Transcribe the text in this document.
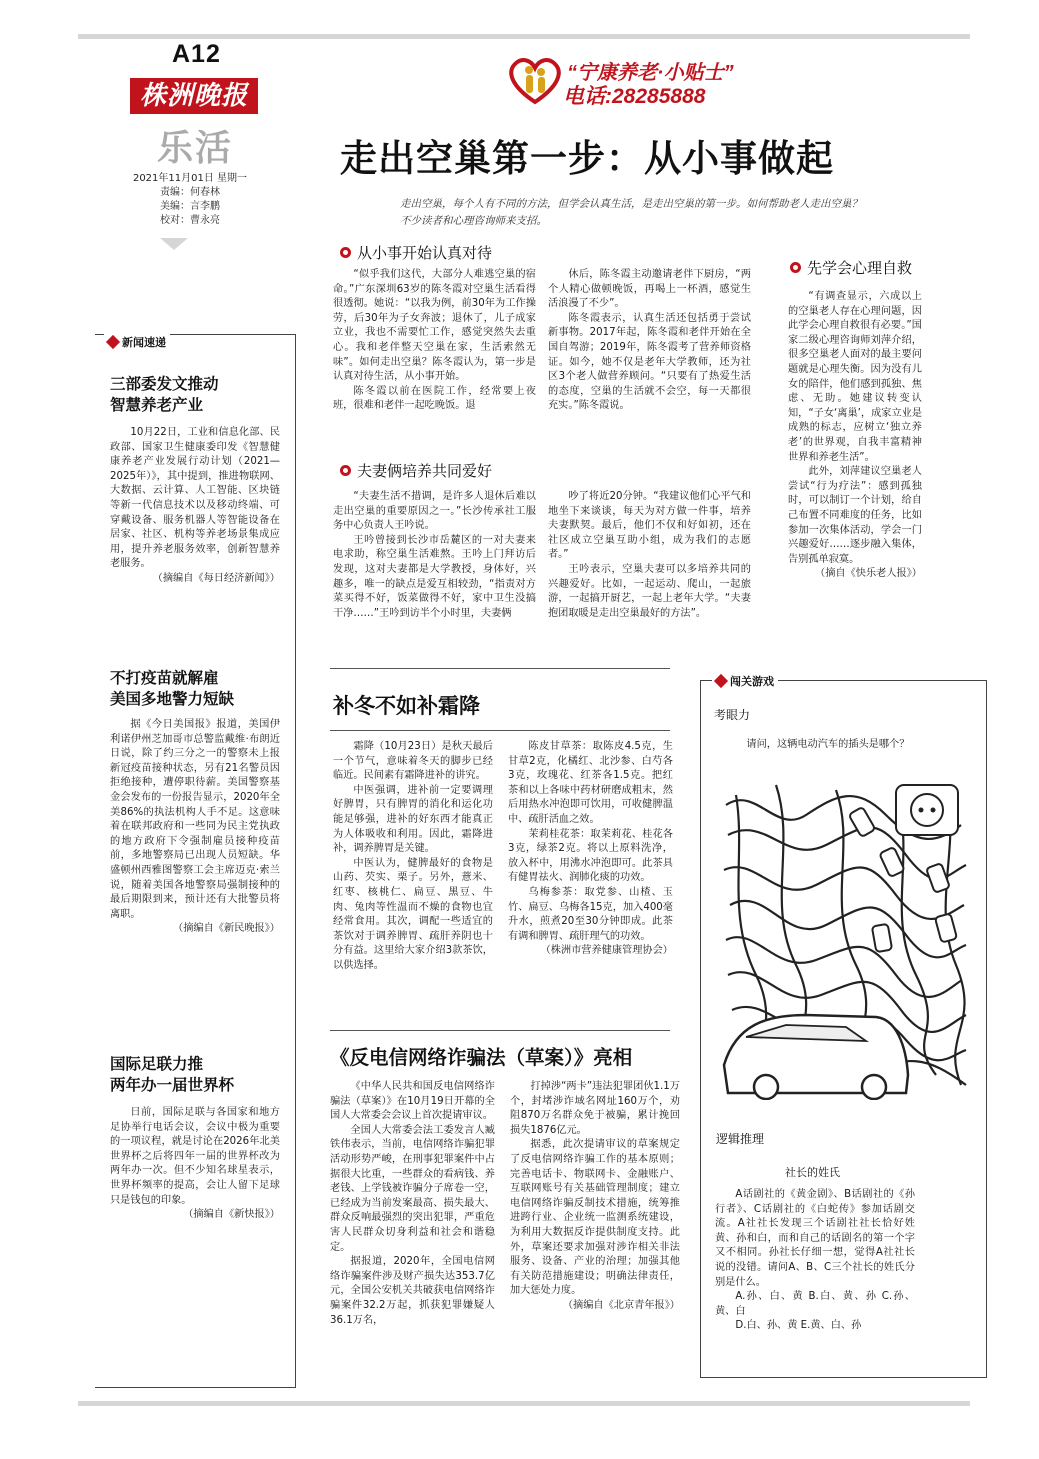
A12
株洲晚报
乐活
2021年11月01日 星期一
责编：何春林
美编：言李鹏
校对：曹永亮
“宁康养老·小贴士”
电话:28285888
走出空巢第一步：从小事做起
走出空巢，每个人有不同的方法，但学会认真生活，是走出空巢的第一步。如何帮助老人走出空巢？不少读者和心理咨询师来支招。
从小事开始认真对待

“似乎我们这代，大部分人难逃空巢的宿命。”广东深圳63岁的陈冬霞对空巢生活看得很透彻。她说：“以我为例，前30年为工作操劳，后30年为子女奔波；退休了，儿子成家立业，我也不需要忙工作，感觉突然失去重心。我和老伴整天空巢在家，生活索然无味”。如何走出空巢？陈冬霞认为，第一步是认真对待生活，从小事开始。

陈冬霞以前在医院工作，经常要上夜班，很难和老伴一起吃晚饭。退

休后，陈冬霞主动邀请老伴下厨房，“两个人精心做顿晚饭，再喝上一杯酒，感觉生活浪漫了不少”。

陈冬霞表示，认真生活还包括勇于尝试新事物。2017年起，陈冬霞和老伴开始在全国自驾游；2019年，陈冬霞考了营养师资格证。如今，她不仅是老年大学教师，还为社区3个老人做营养顾问。“只要有了热爱生活的态度，空巢的生活就不会空，每一天都很充实。”陈冬霞说。

夫妻俩培养共同爱好

“夫妻生活不措调，是许多人退休后难以走出空巢的重要原因之一。”长沙传承社工服务中心负责人王吟说。

王吟曾接到长沙市岳麓区的一对夫妻来电求助，称空巢生活难熬。王吟上门拜访后发现，这对夫妻都是大学教授，身体好，兴趣多，唯一的缺点是爱互相较劲，“指责对方菜买得不好，饭菜做得不好，家中卫生没搞干净……”王吟到访半个小时里，夫妻俩

吵了将近20分钟。“我建议他们心平气和地坐下来谈谈，每天为对方做一件事，培养夫妻默契。最后，他们不仅和好如初，还在社区成立空巢互助小组，成为我们的志愿者。”

王吟表示，空巢夫妻可以多培养共同的兴趣爱好。比如，一起运动、爬山，一起旅游，一起搞开厨艺，一起上老年大学。“夫妻抱团取暖是走出空巢最好的方法”。

先学会心理自救

“有调查显示，六成以上的空巢老人存在心理问题，因此学会心理自救很有必要。”国家二级心理咨询师刘萍介绍，很多空巢老人面对的最主要问题就是心理失衡。因为没有儿女的陪伴，他们感到孤独、焦虑、无助。她建议转变认知，“子女‘离巢’，成家立业是成熟的标志，应树立‘独立养老’的世界观，自我丰富精神世界和养老生活”。

此外，刘萍建议空巢老人尝试“行为疗法”：感到孤独时，可以制订一个计划，给自己布置不同难度的任务，比如参加一次集体活动，学会一门兴趣爱好……逐步融入集体，告别孤单寂寞。

（摘自《快乐老人报》）

新闻速递
三部委发文推动
智慧养老产业

10月22日，工业和信息化部、民政部、国家卫生健康委印发《智慧健康养老产业发展行动计划（2021—2025年）》，其中提到，推进物联网、大数据、云计算、人工智能、区块链等新一代信息技术以及移动终端、可穿戴设备、服务机器人等智能设备在居家、社区、机构等养老场景集成应用，提升养老服务效率，创新智慧养老服务。

（摘编自《每日经济新闻》）

不打疫苗就解雇
美国多地警力短缺

据《今日美国报》报道，美国伊利诺伊州芝加哥市总警监戴维·布朗近日说，除了约三分之一的警察未上报新冠疫苗接种状态，另有21名警员因拒绝接种，遭停职待薪。美国警察基金会发布的一份报告显示，2020年全美86%的执法机构人手不足。这意味着在联邦政府和一些同为民主党执政的地方政府下令强制雇员接种疫苗前，多地警察局已出现人员短缺。华盛顿州西雅图警察工会主席迈克·索兰说，随着美国各地警察局强制接种的最后期限到来，预计还有大批警员将离职。

（摘编自《新民晚报》）

国际足联力推
两年办一届世界杯

日前，国际足联与各国家和地方足协举行电话会议，会议中极为重要的一项议程，就是讨论在2026年北美世界杯之后将四年一届的世界杯改为两年办一次。但不少知名球星表示，世界杯频率的提高，会让人留下足球只是钱包的印象。

（摘编自《新快报》）

补冬不如补霜降

霜降（10月23日）是秋天最后一个节气，意味着冬天的脚步已经临近。民间素有霜降进补的讲究。

中医强调，进补前一定要调理好脾胃，只有脾胃的消化和运化功能足够强，进补的好东西才能真正为人体吸收和利用。因此，霜降进补，调养脾胃是关键。

中医认为，健脾最好的食物是山药、芡实、栗子。另外，薏米、红枣、核桃仁、扁豆、黑豆、牛肉、兔肉等性温而不燥的食物也宜经常食用。其次，调配一些适宜的茶饮对于调养脾胃、疏肝养阴也十分有益。这里给大家介绍3款茶饮，以供选择。

陈皮甘草茶：取陈皮4.5克，生甘草2克，化橘红、北沙参、白芍各3克，玫瑰花、红茶各1.5克。把红茶和以上各味中药材研磨成粗末，然后用热水冲泡即可饮用，可收健脾温中、疏肝活血之效。

茉莉桂花茶：取茉莉花、桂花各3克，绿茶2克。将以上原料洗净，放入杯中，用沸水冲泡即可。此茶具有健胃祛火、润肺化痰的功效。

乌梅参茶：取党参、山楂、玉竹、扁豆、乌梅各15克，加入400毫升水，煎煮20至30分钟即成。此茶有调和脾胃、疏肝理气的功效。

（株洲市营养健康管理协会）

《反电信网络诈骗法（草案）》亮相

《中华人民共和国反电信网络诈骗法（草案）》在10月19日开幕的全国人大常委会会议上首次提请审议。

全国人大常委会法工委发言人臧铁伟表示，当前，电信网络诈骗犯罪活动形势严峻，在刑事犯罪案件中占据很大比重，一些群众的看病钱、养老钱、上学钱被诈骗分子席卷一空，已经成为当前发案最高、损失最大、群众反响最强烈的突出犯罪，严重危害人民群众切身利益和社会和谐稳定。

据报道，2020年，全国电信网络诈骗案件涉及财产损失达353.7亿元，全国公安机关共破获电信网络诈骗案件32.2万起，抓获犯罪嫌疑人36.1万名，

打掉涉“两卡”违法犯罪团伙1.1万个，封堵涉诈域名网址160万个，劝阻870万名群众免于被骗，累计挽回损失1876亿元。

据悉，此次提请审议的草案规定了反电信网络诈骗工作的基本原则；完善电话卡、物联网卡、金融账户、互联网账号有关基础管理制度；建立电信网络诈骗反制技术措施，统筹推进跨行业、企业统一监测系统建设，为利用大数据反诈提供制度支持。此外，草案还要求加强对涉诈相关非法服务、设备、产业的治理；加强其他有关防范措施建设；明确法律责任，加大惩处力度。

（摘编自《北京青年报》）

闯关游戏
考眼力

请问，这辆电动汽车的插头是哪个？

逻辑推理
社长的姓氏

A话剧社的《黄金剧》、B话剧社的《孙行者》、C话剧社的《白蛇传》参加话剧交流。A社社长发现三个话剧社社长恰好姓黄、孙和白，而和自己的话剧名的第一个字又不相同。孙社长仔细一想，觉得A社社长说的没错。请问A、B、C三个社长的姓氏分别是什么。

A.孙、白、黄 B.白、黄、孙 C.孙、黄、白

D.白、孙、黄 E.黄、白、孙
